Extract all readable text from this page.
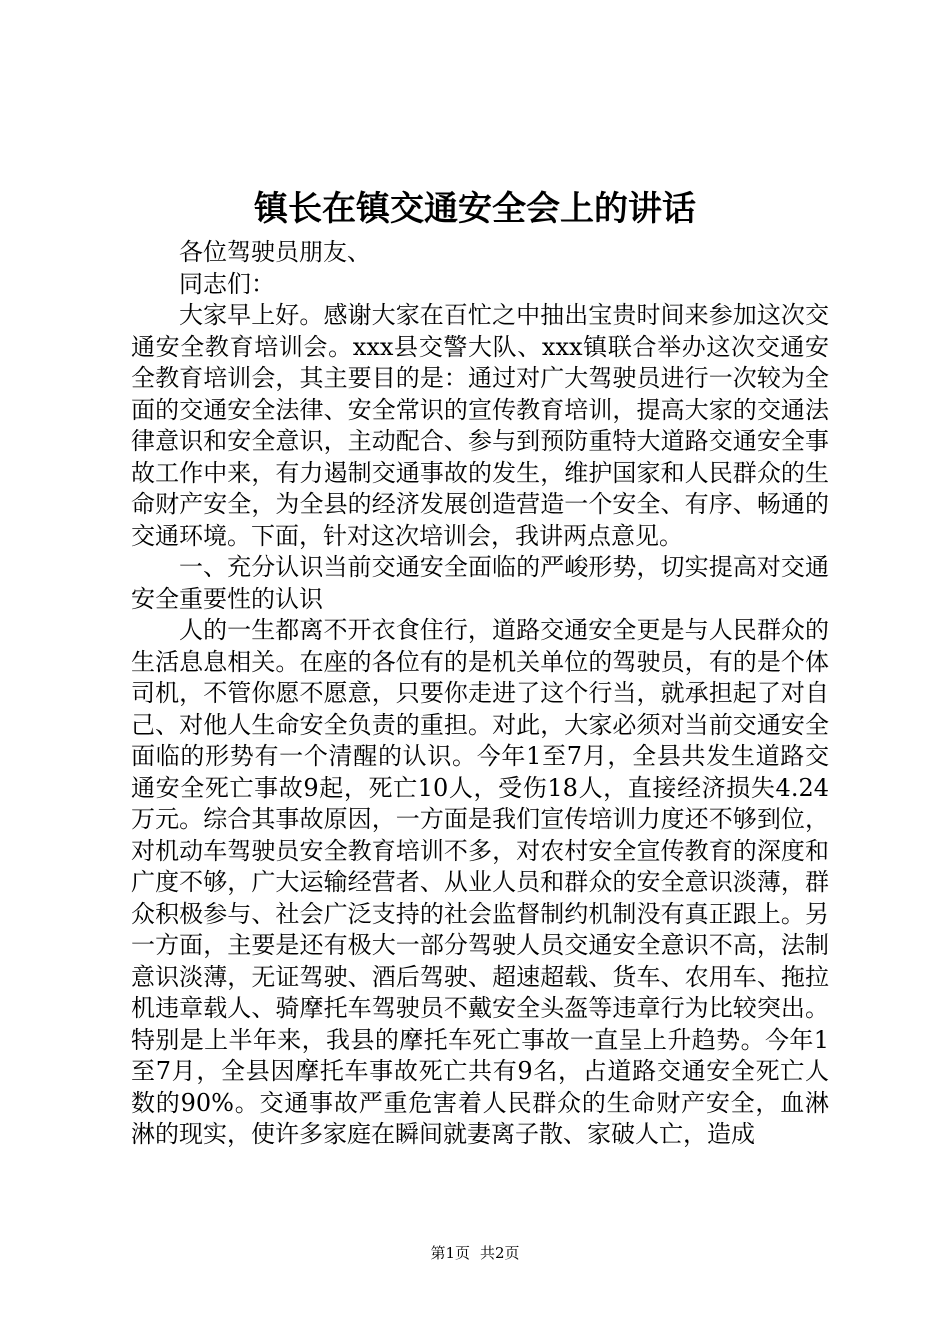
镇长在镇交通安全会上的讲话

各位驾驶员朋友、

同志们：

大家早上好。感谢大家在百忙之中抽出宝贵时间来参加这次交通安全教育培训会。xxx县交警大队、xxx镇联合举办这次交通安全教育培训会，其主要目的是：通过对广大驾驶员进行一次较为全面的交通安全法律、安全常识的宣传教育培训，提高大家的交通法律意识和安全意识，主动配合、参与到预防重特大道路交通安全事故工作中来，有力遏制交通事故的发生，维护国家和人民群众的生命财产安全，为全县的经济发展创造营造一个安全、有序、畅通的交通环境。下面，针对这次培训会，我讲两点意见。

一、充分认识当前交通安全面临的严峻形势，切实提高对交通安全重要性的认识

人的一生都离不开衣食住行，道路交通安全更是与人民群众的生活息息相关。在座的各位有的是机关单位的驾驶员，有的是个体司机，不管你愿不愿意，只要你走进了这个行当，就承担起了对自己、对他人生命安全负责的重担。对此，大家必须对当前交通安全面临的形势有一个清醒的认识。今年1至7月，全县共发生道路交通安全死亡事故9起，死亡10人，受伤18人，直接经济损失4.24万元。综合其事故原因，一方面是我们宣传培训力度还不够到位，对机动车驾驶员安全教育培训不多，对农村安全宣传教育的深度和广度不够，广大运输经营者、从业人员和群众的安全意识淡薄，群众积极参与、社会广泛支持的社会监督制约机制没有真正跟上。另一方面，主要是还有极大一部分驾驶人员交通安全意识不高，法制意识淡薄，无证驾驶、酒后驾驶、超速超载、货车、农用车、拖拉机违章载人、骑摩托车驾驶员不戴安全头盔等违章行为比较突出。特别是上半年来，我县的摩托车死亡事故一直呈上升趋势。今年1至7月，全县因摩托车事故死亡共有9名，占道路交通安全死亡人数的90%。交通事故严重危害着人民群众的生命财产安全，血淋淋的现实，使许多家庭在瞬间就妻离子散、家破人亡，造成

第1页 共2页
